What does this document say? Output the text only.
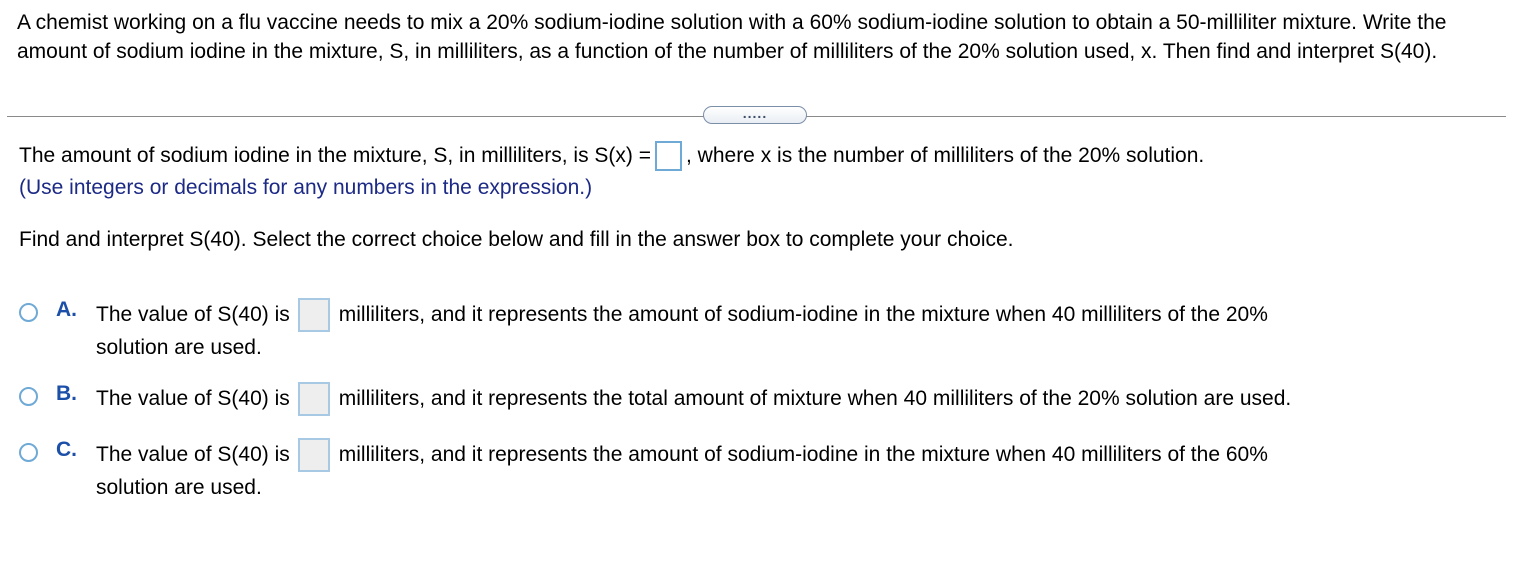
A chemist working on a flu vaccine needs to mix a 20% sodium-iodine solution with a 60% sodium-iodine solution to obtain a 50-milliliter mixture. Write the amount of sodium iodine in the mixture, S, in milliliters, as a function of the number of milliliters of the 20% solution used, x. Then find and interpret S(40).
.....
The amount of sodium iodine in the mixture, S, in milliliters, is S(x) = , where x is the number of milliliters of the 20% solution.
(Use integers or decimals for any numbers in the expression.)
Find and interpret S(40). Select the correct choice below and fill in the answer box to complete your choice.
A. The value of S(40) is milliliters, and it represents the amount of sodium-iodine in the mixture when 40 milliliters of the 20%
solution are used.
B. The value of S(40) is milliliters, and it represents the total amount of mixture when 40 milliliters of the 20% solution are used.
C. The value of S(40) is milliliters, and it represents the amount of sodium-iodine in the mixture when 40 milliliters of the 60%
solution are used.
